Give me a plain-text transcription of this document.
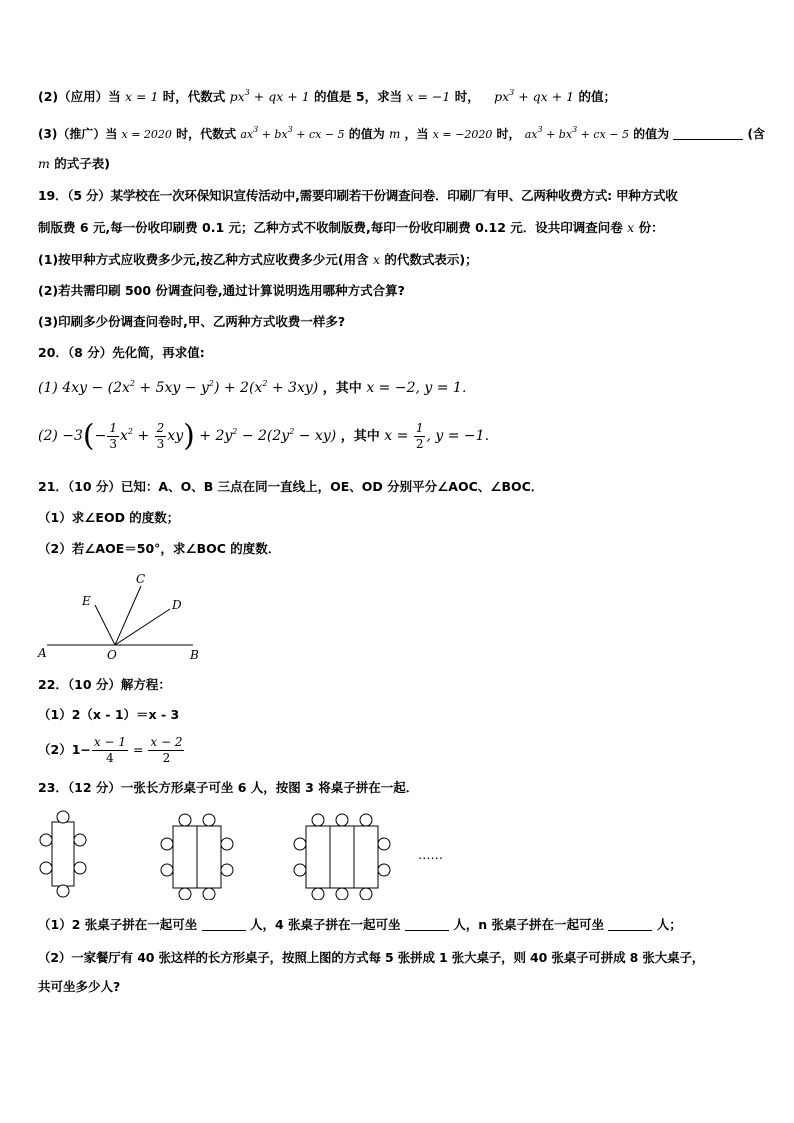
(2)（应用）当 x = 1 时，代数式 $px^3$ + qx + 1 的值是 5，求当 x = −1 时， $px^3$ + qx + 1 的值；
(3)（推广）当 x = 2020 时，代数式 $ax^3 + bx^3$ + cx − 5 的值为 m ，当 x = −2020 时， $ax^3 + bx^3$ + cx − 5 的值为	(含
m 的式子表)
19．（5 分）某学校在一次环保知识宣传活动中,需要印刷若干份调查问卷．印刷厂有甲、乙两种收费方式: 甲种方式收
制版费 6 元,每一份收印刷费 0.1 元；乙种方式不收制版费,每印一份收印刷费 0.12 元．设共印调查问卷 x 份：
(1)按甲种方式应收费多少元,按乙种方式应收费多少元(用含 x 的代数式表示)；
(2)若共需印刷 500 份调查问卷,通过计算说明选用哪种方式合算?
(3)印刷多少份调查问卷时,甲、乙两种方式收费一样多?
20．（8 分）先化简，再求值:
(1) $4xy - (2x^2 + 5xy - y^2) + 2(x^2 + 3xy)$ ，其中 x = −2, y = 1．
$(2) -3(- \frac{1}{3} x^2 + \frac{2}{3} xy) + 2y^2 - 2(2y^2 - xy)$ ，其中 $x = \frac{1}{2}$ , y = −1．
21．（10 分）已知：A、O、B 三点在同一直线上，OE、OD 分别平分∠AOC、∠BOC．
（1）求∠EOD 的度数；
（2）若∠AOE＝50°，求∠BOC 的度数．
A	O	B
C
D
E
22．（10 分）解方程：
（1）2（x - 1）＝x - 3
$(2)1- \frac{x - 1}{4} = \frac{x - 2}{2}$
23．（12 分）一张长方形桌子可坐 6 人，按图 3 将桌子拼在一起．
……
（1）2 张桌子拼在一起可坐	人，4 张桌子拼在一起可坐	人，n 张桌子拼在一起可坐	人；
（2）一家餐厅有 40 张这样的长方形桌子，按照上图的方式每 5 张拼成 1 张大桌子，则 40 张桌子可拼成 8 张大桌子，
共可坐多少人?
